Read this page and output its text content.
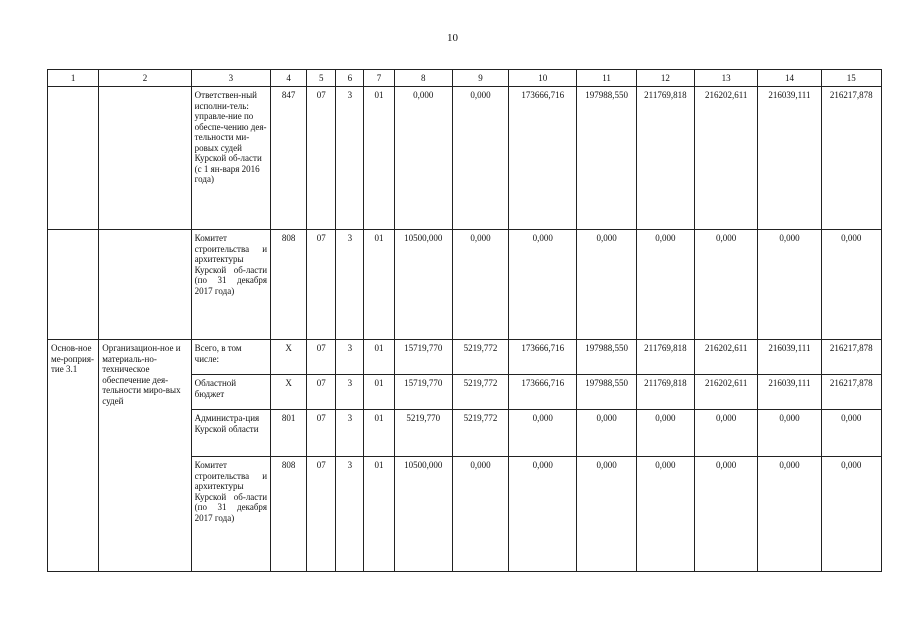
10
1	2	3	4	5	6	7	8	9	10	11	12	13	14	15
		Ответствен-ный исполни-тель: управле-ние по обеспе-чению дея-тельности ми-ровых судей Курской об-ласти (с 1 ян-варя 2016 года)	847	07	3	01	0,000	0,000	173666,716	197988,550	211769,818	216202,611	216039,111	216217,878
		Комитет строительства и архитектуры Курской об-ласти (по 31 декабря 2017 года)	808	07	3	01	10500,000	0,000	0,000	0,000	0,000	0,000	0,000	0,000
Основ-ное ме-роприя-тие 3.1	Организацион-ное и материаль-но-техническое обеспечение дея-тельности миро-вых судей	Всего, в том числе:	Х	07	3	01	15719,770	5219,772	173666,716	197988,550	211769,818	216202,611	216039,111	216217,878
		Областной бюджет	Х	07	3	01	15719,770	5219,772	173666,716	197988,550	211769,818	216202,611	216039,111	216217,878
		Администра-ция Курской области	801	07	3	01	5219,770	5219,772	0,000	0,000	0,000	0,000	0,000	0,000
		Комитет строительства и архитектуры Курской об-ласти (по 31 декабря 2017 года)	808	07	3	01	10500,000	0,000	0,000	0,000	0,000	0,000	0,000	0,000
